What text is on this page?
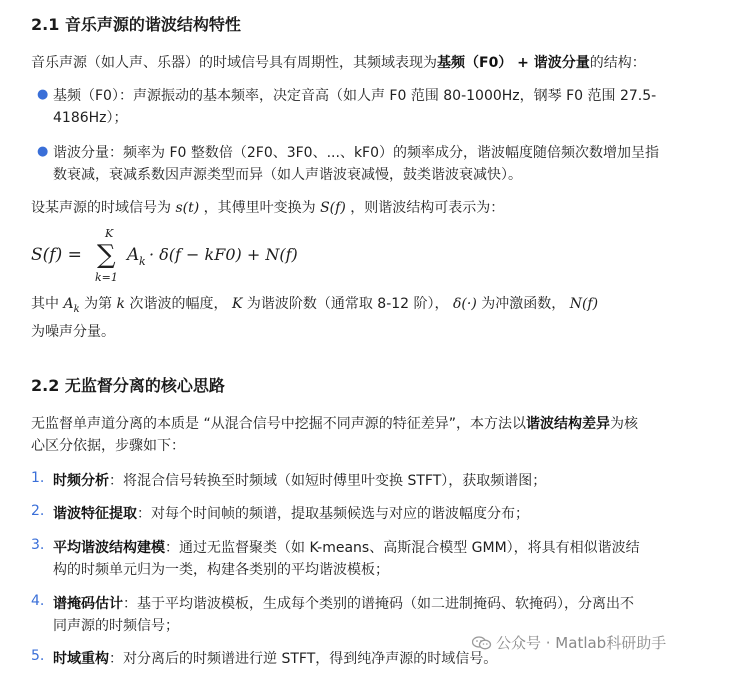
2.1 音乐声源的谐波结构特性

音乐声源（如人声、乐器）的时域信号具有周期性，其频域表现为基频（F0） + 谐波分量的结构：

● 基频（F0）：声源振动的基本频率，决定音高（如人声 F0 范围 80-1000Hz，钢琴 F0 范围 27.5-
4186Hz）；

● 谐波分量：频率为 F0 整数倍（2F0、3F0、...、kF0）的频率成分，谐波幅度随倍频次数增加呈指
数衰减，衰减系数因声源类型而异（如人声谐波衰减慢，鼓类谐波衰减快）。

设某声源的时域信号为 s(t) ，其傅里叶变换为 S(f) ，则谐波结构可表示为：

S(f) =
K
∑
k=1
A k · δ(f − kF0) + N(f)

其中 $A_k$ 为第 k 次谐波的幅度， K 为谐波阶数（通常取 8-12 阶）， δ(·) 为冲激函数， N(f)
为噪声分量。

2.2 无监督分离的核心思路

无监督单声道分离的本质是 “从混合信号中挖掘不同声源的特征差异”，本方法以谐波结构差异为核
心区分依据，步骤如下：

1. 时频分析：将混合信号转换至时频域（如短时傅里叶变换 STFT），获取频谱图；

2. 谐波特征提取：对每个时间帧的频谱，提取基频候选与对应的谐波幅度分布；

3. 平均谐波结构建模：通过无监督聚类（如 K-means、高斯混合模型 GMM），将具有相似谐波结
构的时频单元归为一类，构建各类别的平均谐波模板；

4. 谱掩码估计：基于平均谐波模板，生成每个类别的谱掩码（如二进制掩码、软掩码），分离出不
同声源的时频信号；

5. 时域重构：对分离后的时频谱进行逆 STFT，得到纯净声源的时域信号。

公众号 · Matlab科研助手
